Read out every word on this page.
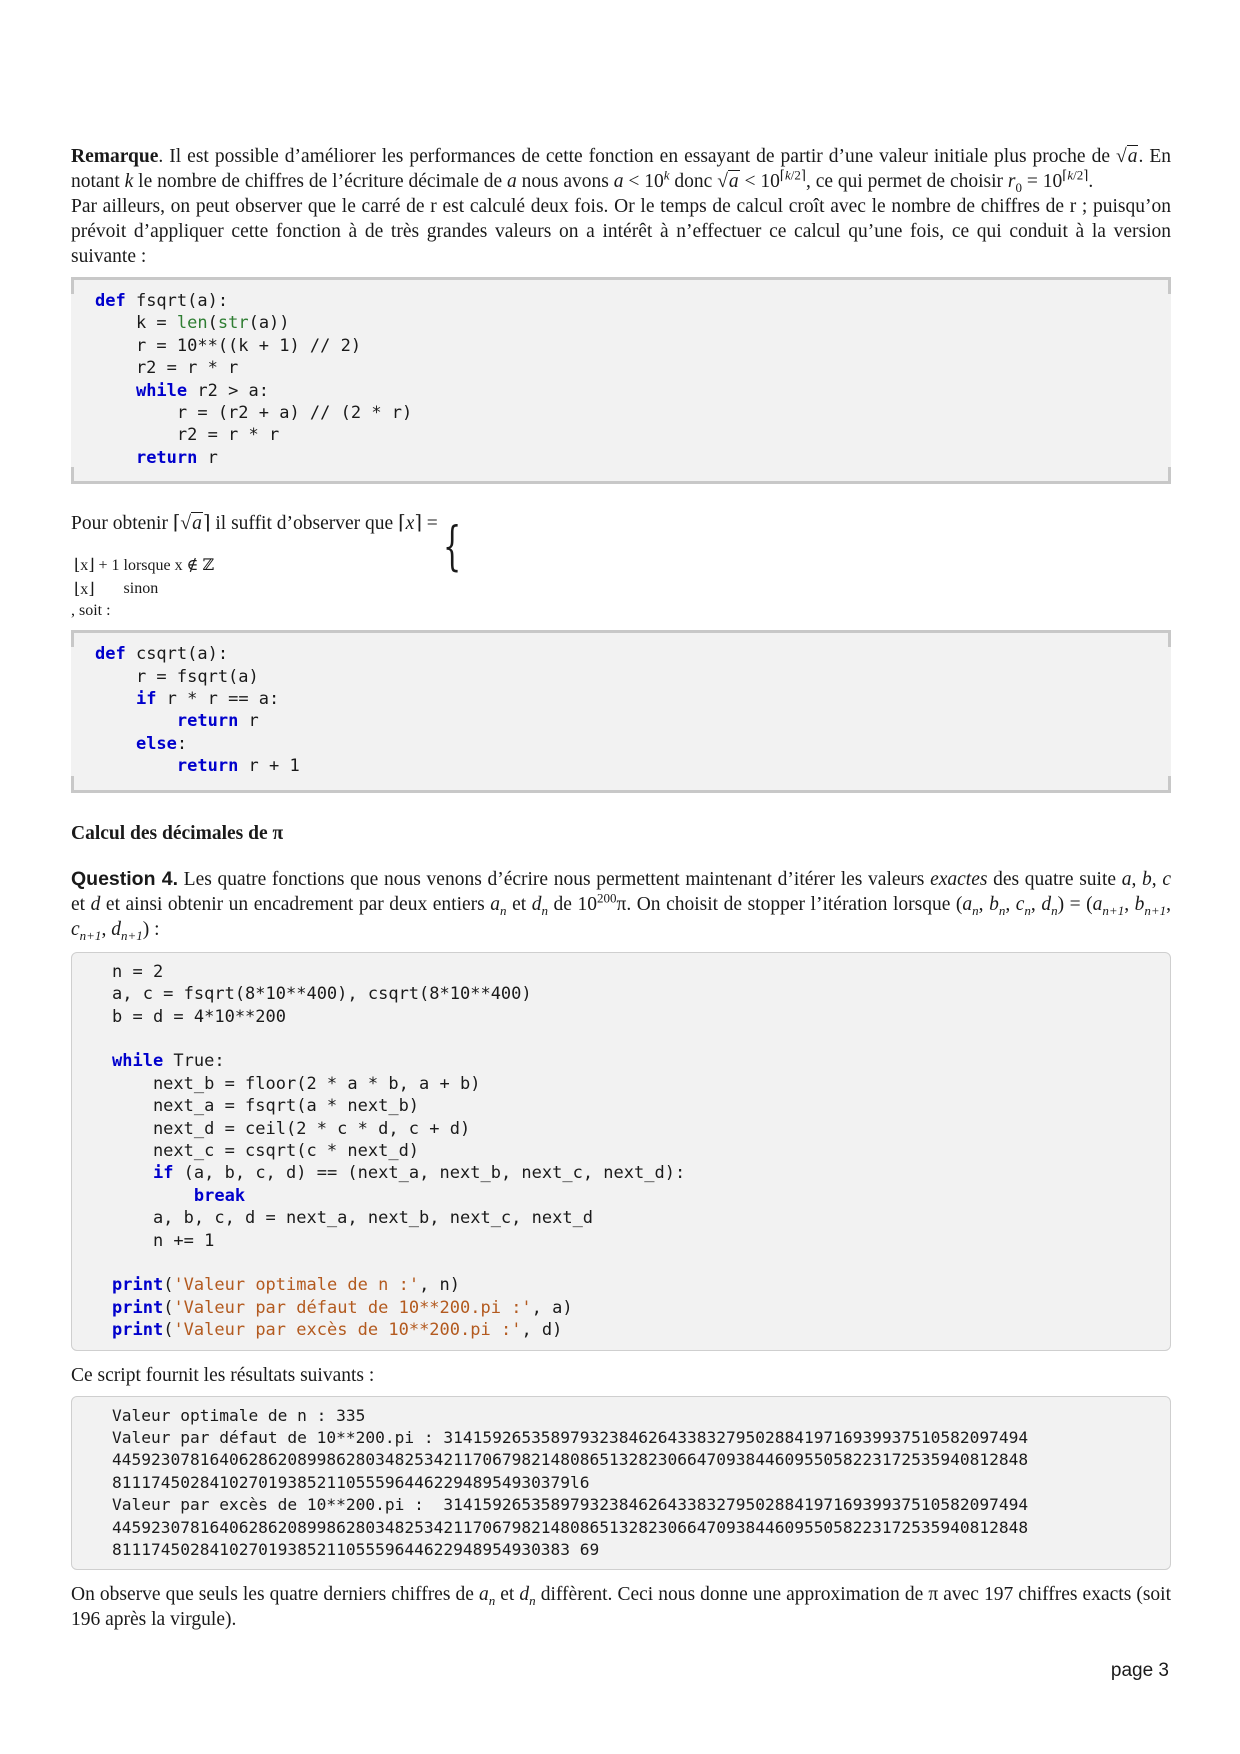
Remarque. Il est possible d’améliorer les performances de cette fonction en essayant de partir d’une valeur initiale plus proche de √a. En notant k le nombre de chiffres de l’écriture décimale de a nous avons $a < 10^k$ donc $√a < 10^{⌈k/2⌉}$, ce qui permet de choisir $r_0 = 10^{⌈k/2⌉}$.

Par ailleurs, on peut observer que le carré de r est calculé deux fois. Or le temps de calcul croît avec le nombre de chiffres de r ; puisqu’on prévoit d’appliquer cette fonction à de très grandes valeurs on a intérêt à n’effectuer ce calcul qu’une fois, ce qui conduit à la version suivante :

def fsqrt(a):
k = len(str(a))
r = 10**((k + 1) // 2)
r2 = r * r
while r2 > a:
r = (r2 + a) // (2 * r)
r2 = r * r
return r

Pour obtenir ⌈√a⌉ il suffit d’observer que ⌈x⌉ = {

⌊x⌋ + 1	lorsque x ∉ ℤ
⌊x⌋	sinon
, soit :

def csqrt(a):
r = fsqrt(a)
if r * r == a:
return r
else:
return r + 1
Calcul des décimales de π

Question 4. Les quatre fonctions que nous venons d’écrire nous permettent maintenant d’itérer les valeurs exactes des quatre suite a, b, c et d et ainsi obtenir un encadrement par deux entiers $a_n$ et $d_n$ de $10^{200}\pi$. On choisit de stopper l’itération lorsque ($a_n$, $b_n$, $c_n$, $d_n) = (a_{n+1}$, $b_{n+1}$, $c_{n+1}$, $d_{n+1}$) :

n = 2
a, c = fsqrt(8*10**400), csqrt(8*10**400)
b = d = 4*10**200

while True:
next_b = floor(2 * a * b, a + b)
next_a = fsqrt(a * next_b)
next_d = ceil(2 * c * d, c + d)
next_c = csqrt(c * next_d)
if (a, b, c, d) == (next_a, next_b, next_c, next_d):
break
a, b, c, d = next_a, next_b, next_c, next_d
n += 1

print('Valeur optimale de n :', n)
print('Valeur par défaut de 10**200.pi :', a)
print('Valeur par excès de 10**200.pi :', d)

Ce script fournit les résultats suivants :

Valeur optimale de n : 335
Valeur par défaut de 10**200.pi : 314159265358979323846264338327950288419716939937510582097494
4459230781640628620899862803482534211706798214808651328230664709384460955058223172535940812848
81117450284102701938521105559644622948954930379l6
Valeur par excès de 10**200.pi :  314159265358979323846264338327950288419716939937510582097494
4459230781640628620899862803482534211706798214808651328230664709384460955058223172535940812848
81117450284102701938521105559644622948954930383 69

On observe que seuls les quatre derniers chiffres de $a_n$ et $d_n$ diffèrent. Ceci nous donne une approximation de π avec 197 chiffres exacts (soit 196 après la virgule).

page 3
